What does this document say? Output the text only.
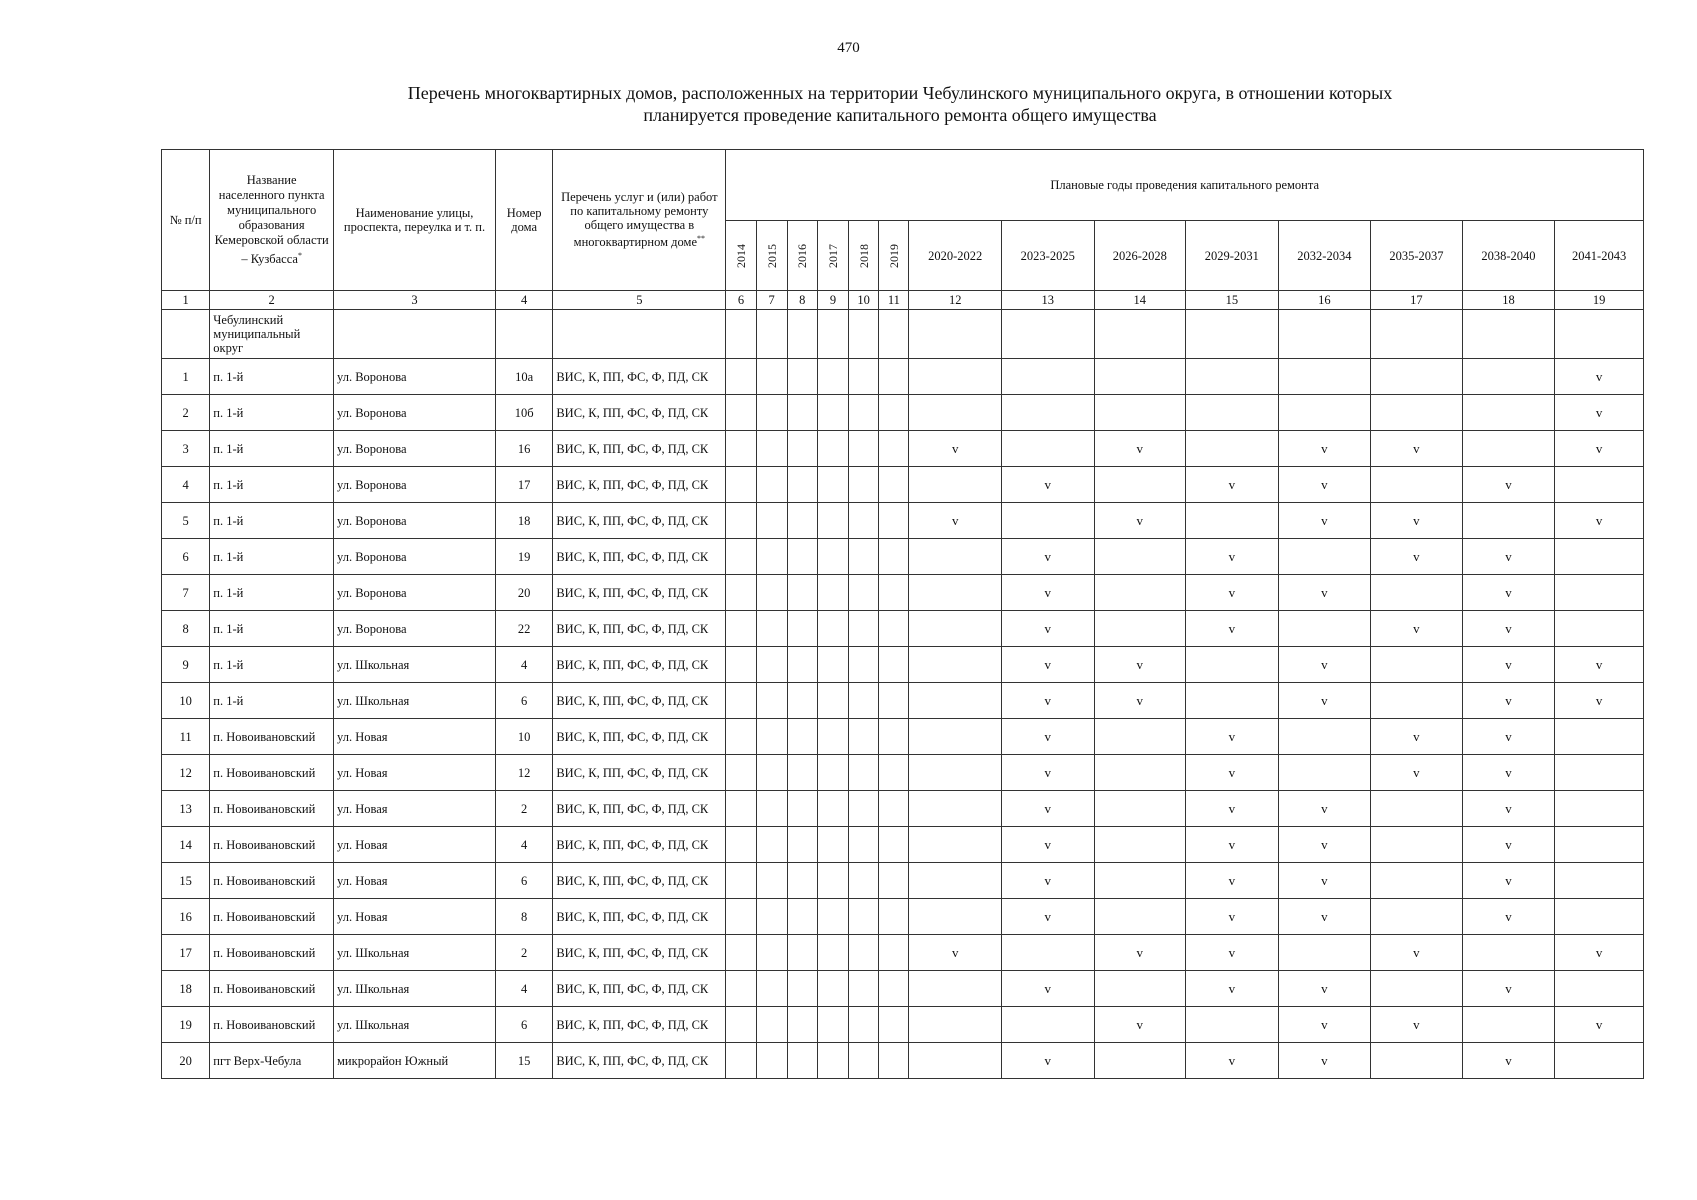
470
Перечень многоквартирных домов, расположенных на территории Чебулинского муниципального округа, в отношении которых
планируется проведение капитального ремонта общего имущества
№ п/п	Название населенного пункта муниципального образования Кемеровской области – Кузбасса*	Наименование улицы, проспекта, переулка и т. п.	Номер дома	Перечень услуг и (или) работ по капитальному ремонту общего имущества в многоквартирном доме**	Плановые годы проведения капитального ремонта													

					2014	2015	2016	2017	2018	2019	2020-2022	2023-2025	2026-2028	2029-2031	2032-2034	2035-2037	2038-2040	2041-2043
1	2	3	4	5	6	7	8	9	10	11	12	13	14	15	16	17	18	19
	Чебулинский муниципальный округ																	
1	п. 1-й	ул. Воронова	10а	ВИС, К, ПП, ФС, Ф, ПД, СК														v
2	п. 1-й	ул. Воронова	10б	ВИС, К, ПП, ФС, Ф, ПД, СК														v
3	п. 1-й	ул. Воронова	16	ВИС, К, ПП, ФС, Ф, ПД, СК							v		v		v	v		v
4	п. 1-й	ул. Воронова	17	ВИС, К, ПП, ФС, Ф, ПД, СК								v		v	v		v	
5	п. 1-й	ул. Воронова	18	ВИС, К, ПП, ФС, Ф, ПД, СК							v		v		v	v		v
6	п. 1-й	ул. Воронова	19	ВИС, К, ПП, ФС, Ф, ПД, СК								v		v		v	v	
7	п. 1-й	ул. Воронова	20	ВИС, К, ПП, ФС, Ф, ПД, СК								v		v	v		v	
8	п. 1-й	ул. Воронова	22	ВИС, К, ПП, ФС, Ф, ПД, СК								v		v		v	v	
9	п. 1-й	ул. Школьная	4	ВИС, К, ПП, ФС, Ф, ПД, СК								v	v		v		v	v
10	п. 1-й	ул. Школьная	6	ВИС, К, ПП, ФС, Ф, ПД, СК								v	v		v		v	v
11	п. Новоивановский	ул. Новая	10	ВИС, К, ПП, ФС, Ф, ПД, СК								v		v		v	v	
12	п. Новоивановский	ул. Новая	12	ВИС, К, ПП, ФС, Ф, ПД, СК								v		v		v	v	
13	п. Новоивановский	ул. Новая	2	ВИС, К, ПП, ФС, Ф, ПД, СК								v		v	v		v	
14	п. Новоивановский	ул. Новая	4	ВИС, К, ПП, ФС, Ф, ПД, СК								v		v	v		v	
15	п. Новоивановский	ул. Новая	6	ВИС, К, ПП, ФС, Ф, ПД, СК								v		v	v		v	
16	п. Новоивановский	ул. Новая	8	ВИС, К, ПП, ФС, Ф, ПД, СК								v		v	v		v	
17	п. Новоивановский	ул. Школьная	2	ВИС, К, ПП, ФС, Ф, ПД, СК							v		v	v		v		v
18	п. Новоивановский	ул. Школьная	4	ВИС, К, ПП, ФС, Ф, ПД, СК								v		v	v		v	
19	п. Новоивановский	ул. Школьная	6	ВИС, К, ПП, ФС, Ф, ПД, СК									v		v	v		v
20	пгт Верх-Чебула	микрорайон Южный	15	ВИС, К, ПП, ФС, Ф, ПД, СК								v		v	v		v	
